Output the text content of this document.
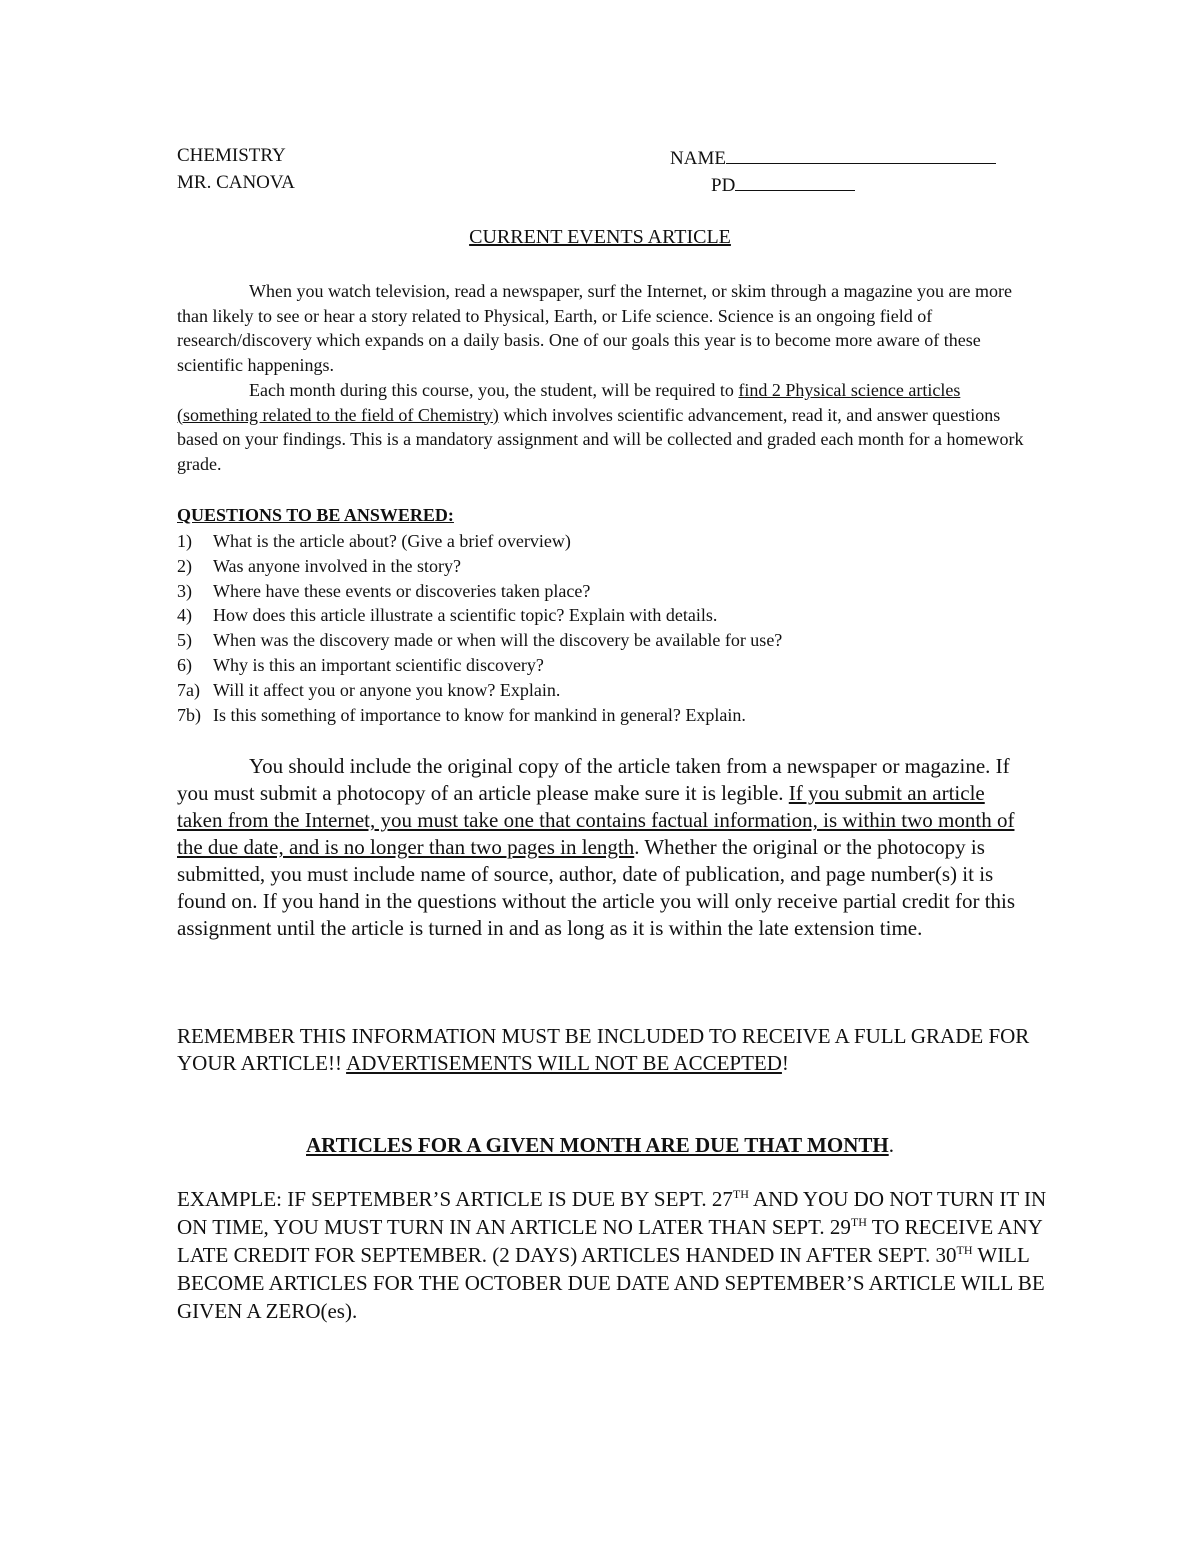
CHEMISTRY
MR. CANOVA
NAME
PD
CURRENT EVENTS ARTICLE

When you watch television, read a newspaper, surf the Internet, or skim through a magazine you are more than likely to see or hear a story related to Physical, Earth, or Life science. Science is an ongoing field of research/discovery which expands on a daily basis. One of our goals this year is to become more aware of these scientific happenings.

Each month during this course, you, the student, will be required to find 2 Physical science articles (something related to the field of Chemistry) which involves scientific advancement, read it, and answer questions based on your findings. This is a mandatory assignment and will be collected and graded each month for a homework grade.

QUESTIONS TO BE ANSWERED:
1) What is the article about? (Give a brief overview)
2) Was anyone involved in the story?
3) Where have these events or discoveries taken place?
4) How does this article illustrate a scientific topic? Explain with details.
5) When was the discovery made or when will the discovery be available for use?
6) Why is this an important scientific discovery?
7a) Will it affect you or anyone you know? Explain.
7b) Is this something of importance to know for mankind in general? Explain.

You should include the original copy of the article taken from a newspaper or magazine. If you must submit a photocopy of an article please make sure it is legible. If you submit an article taken from the Internet, you must take one that contains factual information, is within two month of the due date, and is no longer than two pages in length. Whether the original or the photocopy is submitted, you must include name of source, author, date of publication, and page number(s) it is found on. If you hand in the questions without the article you will only receive partial credit for this assignment until the article is turned in and as long as it is within the late extension time.

REMEMBER THIS INFORMATION MUST BE INCLUDED TO RECEIVE A FULL GRADE FOR YOUR ARTICLE!! ADVERTISEMENTS WILL NOT BE ACCEPTED!
ARTICLES FOR A GIVEN MONTH ARE DUE THAT MONTH.
EXAMPLE: IF SEPTEMBER’S ARTICLE IS DUE BY SEPT. 27TH AND YOU DO NOT TURN IT IN ON TIME, YOU MUST TURN IN AN ARTICLE NO LATER THAN SEPT. 29TH TO RECEIVE ANY LATE CREDIT FOR SEPTEMBER. (2 DAYS) ARTICLES HANDED IN AFTER SEPT. 30TH WILL BECOME ARTICLES FOR THE OCTOBER DUE DATE AND SEPTEMBER’S ARTICLE WILL BE GIVEN A ZERO(es).
